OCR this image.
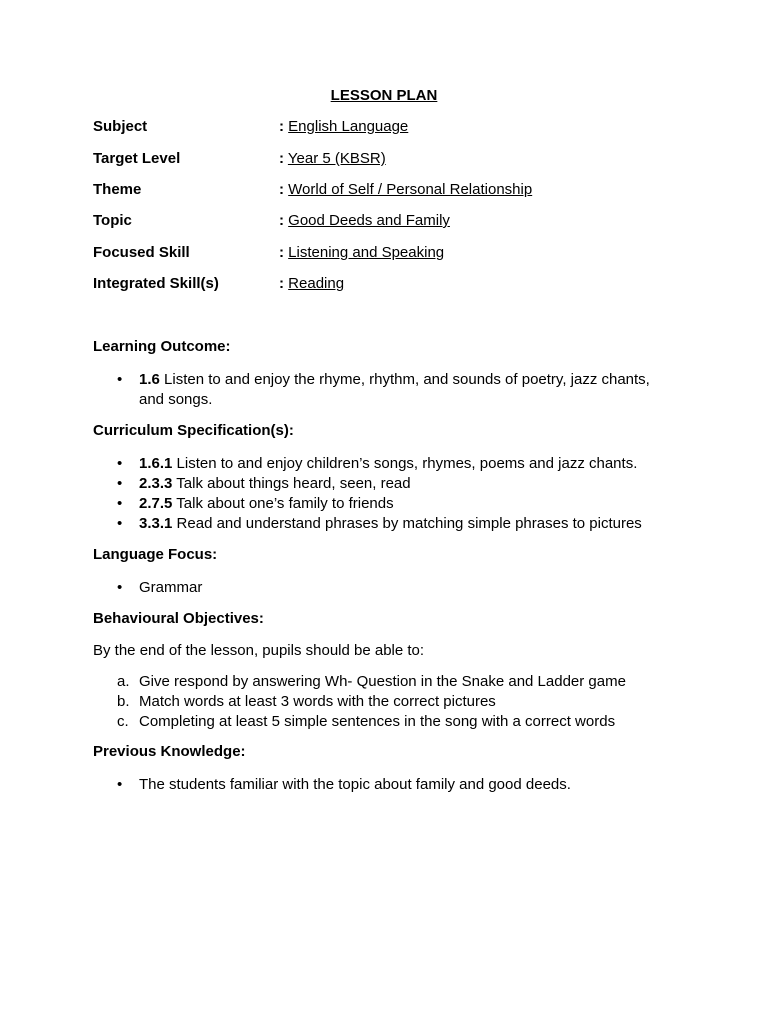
LESSON PLAN
Subject	: English Language
Target Level	: Year 5 (KBSR)
Theme	: World of Self / Personal Relationship
Topic	: Good Deeds and Family
Focused Skill	: Listening and Speaking
Integrated Skill(s)	: Reading
Learning Outcome:
• 1.6 Listen to and enjoy the rhyme, rhythm, and sounds of poetry, jazz chants, and songs.
Curriculum Specification(s):
• 1.6.1 Listen to and enjoy children’s songs, rhymes, poems and jazz chants.
• 2.3.3 Talk about things heard, seen, read
• 2.7.5 Talk about one’s family to friends
• 3.3.1 Read and understand phrases by matching simple phrases to pictures
Language Focus:
• Grammar
Behavioural Objectives:
By the end of the lesson, pupils should be able to:
a. Give respond by answering Wh- Question in the Snake and Ladder game
b. Match words at least 3 words with the correct pictures
c. Completing at least 5 simple sentences in the song with a correct words
Previous Knowledge:
• The students familiar with the topic about family and good deeds.
